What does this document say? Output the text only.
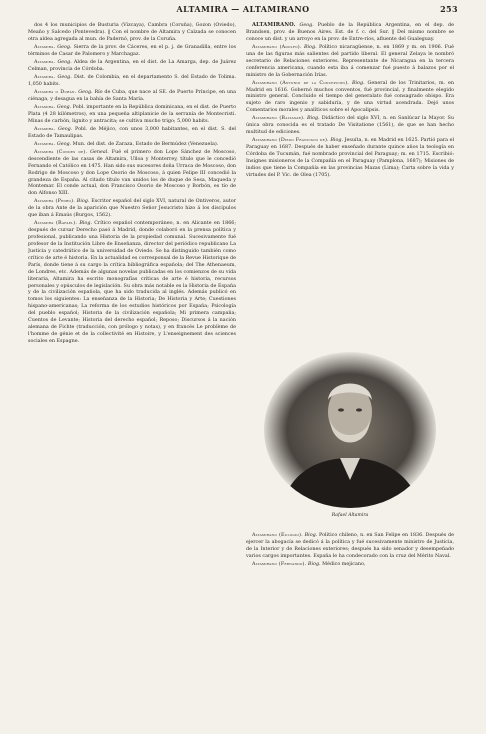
ALTAMIRA — ALTAMIRANO	253

dos 4 los municipios de Busturia (Vizcaya), Cambra (Coruña), Gozon (Oviedo), Meaño y Salcedo (Pontevedra). ‖ Con el nombre de Altamira y Calzada se conocen otra aldea agregada al mun. de Padernó, prov. de la Coruña.

Altamira. Geog. Sierra de la prov. de Cáceres, en el p. j. de Granadilla, entre los términos de Casar de Palomero y Marchagaz.

Altamira. Geog. Aldea de la Argentina, en el dist. de La Amarga, dep. de Juárez Celman, provincia de Córdoba.

Altamira. Geog. Dist. de Colombia, en el departamento S. del Estado de Tolima. 1,050 habits.

Altamira o Durán. Geog. Río de Cuba, que nace al SE. de Puerto Príncipe, en una ciénaga, y desagua en la bahía de Santa María.

Altamira. Geog. Pobl. importante en la República dominicana, en el dist. de Puerto Plata (4 28 kilómetros), en una pequeña altiplanicie de la serranía de Montecristi. Minas de carbón, lignito y antracita; se cultiva mucho trigo; 5,000 habits.

Altamira. Geog. Pobl. de Méjico, con unos 3,000 habitantes, en el dist. S. del Estado de Tamaulipas.

Altamira. Geog. Mun. del dist. de Zaraza, Estado de Bermúdez (Venezuela).

Altamira (Condes de). Geneal. Fué el primero don Lope Sánchez de Moscoso, descendiente de las casas de Altamira, Ulloa y Monterrey, título que le concedió Fernando el Católico en 1475. Han sido sus sucesores doña Urraca de Moscoso, don Rodrigo de Moscoso y don Lope Osorio de Moscoso, á quien Felipe III concedió la grandeza de España. Al citado título van unidos los de duque de Sesa, Maqueda y Montemar. El conde actual, don Francisco Osorio de Moscoso y Borbón, es tío de don Alfonso XIII.

Altamira (Pedro). Biog. Escritor español del siglo XVI, natural de Ontiveros, autor de la obra Ante de la aparición que Nuestro Señor Jesucristo hizo á los discípulos que iban á Emaús (Burgos, 1562).

Altamira (Rafael). Biog. Crítico español contemporáneo, n. en Alicante en 1866; después de cursar Derecho pasó á Madrid, donde colaboró en la prensa política y profesional, publicando una Historia de la propiedad comunal. Sucesivamente fué profesor de la Institución Libre de Enseñanza, director del periódico republicano La Justicia y catedrático de la universidad de Oviedo. Se ha distinguido también como crítico de arte é historia. En la actualidad es corresponsal de la Revue Historique de París, donde tiene á su cargo la crítica bibliográfica española; del The Athenaeum, de Londres, etc. Además de algunas novelas publicadas en los comienzos de su vida literaria, Altamira ha escrito monografías críticas de arte é historia, recursos personales y opúsculos de legislación. Su obra más notable es la Historia de España y de la civilización española, que ha sido traducida al inglés. Además publicó en tomos los siguientes: La enseñanza de la Historia; De Historia y Arte; Cuestiones hispano-americanas; La reforma de los estudios históricos por España; Psicología del pueblo español; Historia de la civilización española; Mi primera campaña; Cuentos de Levante; Historia del derecho español; Reposo; Discursos á la nación alemana de Fichte (traducción, con prólogo y notas), y en francés Le problème de l'homme de génie et de la collectivité en Histoire, y L'enseignement des sciences sociales en Espagne.

ALTAMIRANO. Geog. Pueblo de la República Argentina, en el dep. de Brandsen, prov. de Buenos Aires. Est. de f. c. del Sur. ‖ Del mismo nombre se conoce un dist. y un arroyo en la prov. de Entre-ríos, afluente del Gualeguay.

Altamirano (Adolfo). Biog. Político nicaragüense, n. en 1869 y m. en 1906. Fué una de las figuras más salientes del partido liberal. El general Zelaya le nombró secretario de Relaciones exteriores. Representante de Nicaragua en la tercera conferencia americana, cuando esta iba á comenzar fué puesto á balazos por el ministro de la Gobernación Irías.

Altamirano (Antonio de la Concepción). Biog. General de los Trinitarios, m. en Madrid en 1616. Gobernó muchos conventos, fué provincial, y finalmente elegido ministro general. Concluido el tiempo del generalato fué consagrado obispo. Era sujeto de raro ingenio y sabiduría, y de una virtud acendrada. Dejó unos Comentarios morales y analíticos sobre el Apocalipsis.

Altamirano (Baltasar). Biog. Didáctico del siglo XVI, n. en Sanlúcar la Mayor. Su única obra conocida es el tratado De Visitatione (1561), de que se han hecho multitud de ediciones.

Altamirano (Diego Francisco de). Biog. Jesuíta, n. en Madrid en 1625. Partió para el Paraguay en 1687. Después de haber enseñado durante quince años la teología en Córdoba de Tucumán, fué nombrado provincial del Paraguay; m. en 1715. Escribió: Insignes misioneros de la Compañía en el Paraguay (Pamplona, 1687); Misiones de indios que tiene la Compañía en las provincias Mazas (Lima); Carta sobre la vida y virtudes del P. Vic. de Olea (1705).

Rafael Altamira

Altamirano (Eulogio). Biog. Político chileno, n. en San Felipe en 1836. Después de ejercer la abogacía se dedicó á la política y fué sucesivamente ministro de Justicia, de la Interior y de Relaciones exteriores; después ha sido senador y desempeñado varios cargos importantes. España le ha condecorado con la cruz del Mérito Naval.

Altamirano (Fernando). Biog. Médico mejicano,
